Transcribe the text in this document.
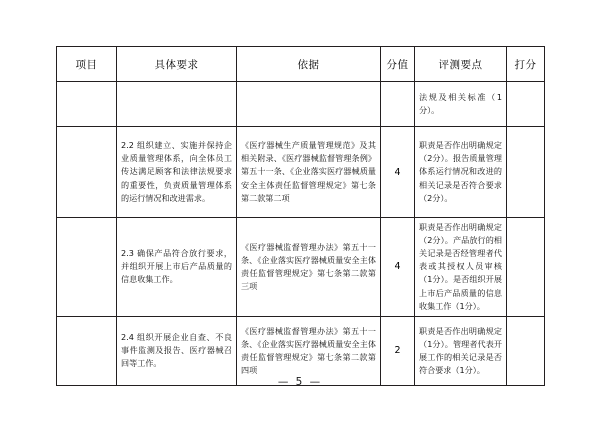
项目	具体要求	依据	分值	评测要点	打分
				法规及相关标准（1分）。	
	2.2 组织建立、实施并保持企业质量管理体系，向全体员工传达满足顾客和法律法规要求的重要性，负责质量管理体系的运行情况和改进需求。	《医疗器械生产质量管理规范》及其相关附录、《医疗器械监督管理条例》第五十一条、《企业落实医疗器械质量安全主体责任监督管理规定》第七条第二款第二项	4	职责是否作出明确规定（2分）。报告质量管理体系运行情况和改进的相关记录是否符合要求（2分）。	
	2.3 确保产品符合放行要求，并组织开展上市后产品质量的信息收集工作。	《医疗器械监督管理办法》第五十一条、《企业落实医疗器械质量安全主体责任监督管理规定》第七条第二款第三项	4	职责是否作出明确规定（2分）。产品放行的相关记录是否经管理者代表或其授权人员审核（1分）。是否组织开展上市后产品质量的信息收集工作（1分）。	
	2.4 组织开展企业自查、不良事件监测及报告、医疗器械召回等工作。	《医疗器械监督管理办法》第五十一条、《企业落实医疗器械质量安全主体责任监督管理规定》第七条第二款第四项	2	职责是否作出明确规定（1分）。管理者代表开展工作的相关记录是否符合要求（1分）。	
— 5 —
